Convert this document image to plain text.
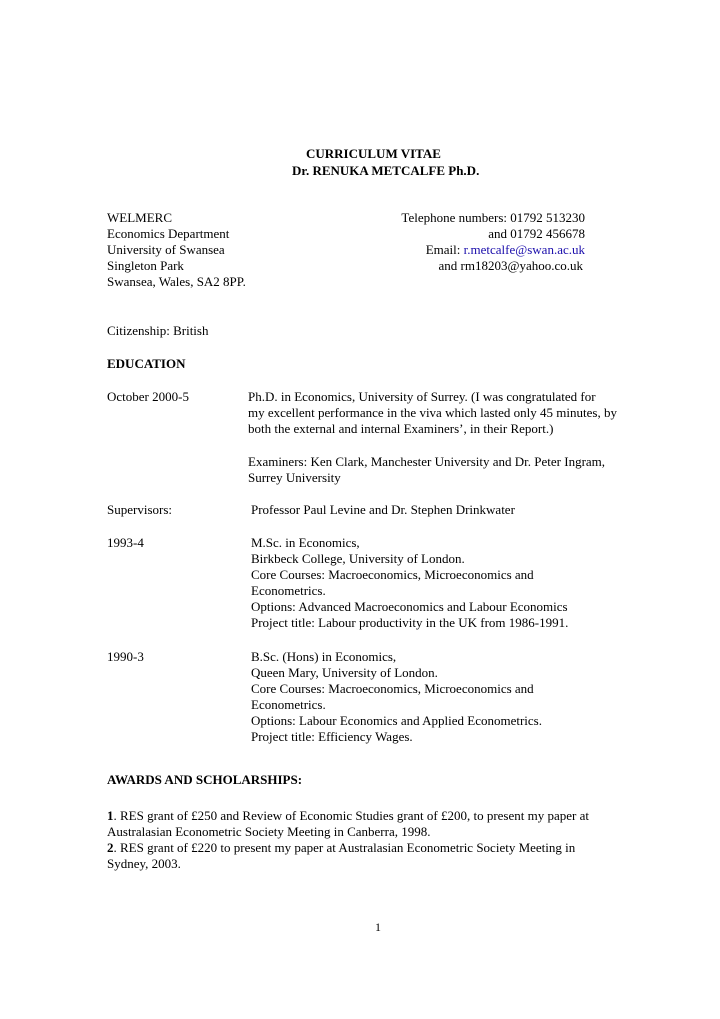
CURRICULUM VITAE
Dr. RENUKA METCALFE Ph.D.
WELMERC
Economics Department
University of Swansea
Singleton Park
Swansea, Wales, SA2 8PP.
Telephone numbers: 01792 513230
and 01792 456678
Email: r.metcalfe@swan.ac.uk
and rm18203@yahoo.co.uk
Citizenship: British
EDUCATION
October 2000-5	Ph.D. in Economics, University of Surrey. (I was congratulated for
my excellent performance in the viva which lasted only 45 minutes, by
both the external and internal Examiners’, in their Report.)
Examiners: Ken Clark, Manchester University and Dr. Peter Ingram,
Surrey University
Supervisors:	Professor Paul Levine and Dr. Stephen Drinkwater
1993-4	M.Sc. in Economics,
Birkbeck College, University of London.
Core Courses: Macroeconomics, Microeconomics and
Econometrics.
Options: Advanced Macroeconomics and Labour Economics
Project title: Labour productivity in the UK from 1986-1991.
1990-3	B.Sc. (Hons) in Economics,
Queen Mary, University of London.
Core Courses: Macroeconomics, Microeconomics and
Econometrics.
Options: Labour Economics and Applied Econometrics.
Project title: Efficiency Wages.
AWARDS AND SCHOLARSHIPS:
1. RES grant of £250 and Review of Economic Studies grant of £200, to present my paper at
Australasian Econometric Society Meeting in Canberra, 1998.
2. RES grant of £220 to present my paper at Australasian Econometric Society Meeting in
Sydney, 2003.
1
